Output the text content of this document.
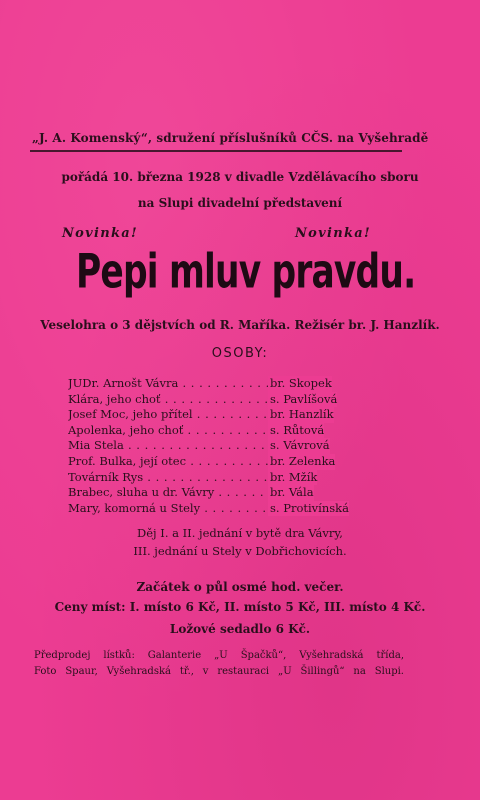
„J. A. Komenský“, sdružení příslušníků CČS. na Vyšehradě
pořádá 10. března 1928 v divadle Vzdělávacího sboru
na Slupi divadelní představení
Novinka!	Novinka!
Pepi mluv pravdu.
Veselohra o 3 dějstvích od R. Maříka. Režisér br. J. Hanzlík.
OSOBY:
JUDr. Arnošt Vávra . . .	br. Skopek
Klára, jeho choť . . .	s. Pavlíšová
Josef Moc, jeho přítel . . .	br. Hanzlík
Apolenka, jeho choť . . .	s. Růtová
Mia Stela . . .	s. Vávrová
Prof. Bulka, její otec . . .	br. Zelenka
Továrník Rys . . .	br. Mžík
Brabec, sluha u dr. Vávry . . .	br. Vála
Mary, komorná u Stely . . .	s. Protivínská
Děj I. a II. jednání v bytě dra Vávry,
III. jednání u Stely v Dobřichovicích.
Začátek o půl osmé hod. večer.
Ceny míst: I. místo 6 Kč, II. místo 5 Kč, III. místo 4 Kč.
Ložové sedadlo 6 Kč.
Předprodej lístků: Galanterie „U Špačků“, Vyšehradská třída,
Foto Spaur, Vyšehradská tř., v restauraci „U Šillingů“ na Slupi.
